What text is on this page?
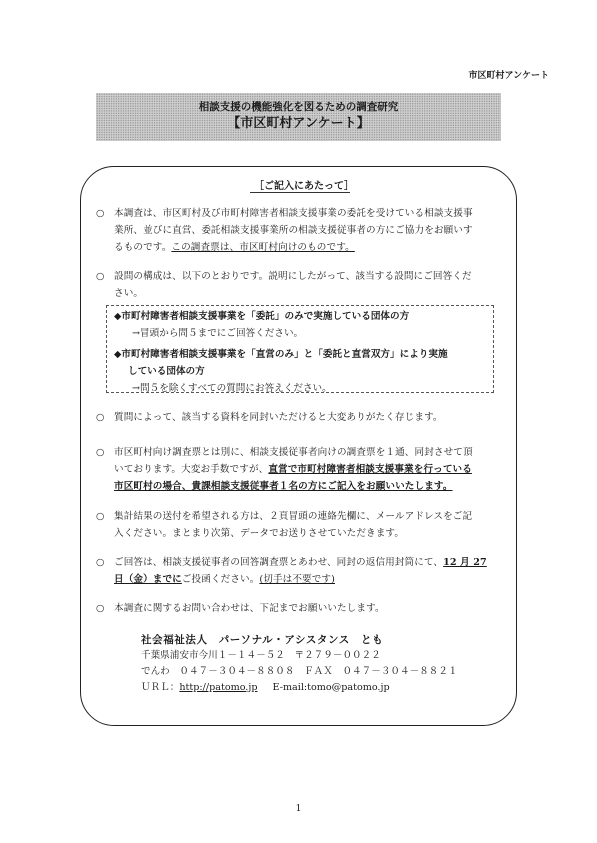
市区町村アンケート
相談支援の機能強化を図るための調査研究
【市区町村アンケート】
［ご記入にあたって］
○ 本調査は、市区町村及び市町村障害者相談支援事業の委託を受けている相談支援事
業所、並びに直営、委託相談支援事業所の相談支援従事者の方にご協力をお願いす
るものです。この調査票は、市区町村向けのものです。
○ 設問の構成は、以下のとおりです。説明にしたがって、該当する設問にご回答くだ
さい。
◆市町村障害者相談支援事業を「委託」のみで実施している団体の方
→冒頭から問５までにご回答ください。
◆市町村障害者相談支援事業を「直営のみ」と「委託と直営双方」により実施
している団体の方
→問５を除くすべての質問にお答えください。
○ 質問によって、該当する資料を同封いただけると大変ありがたく存じます。
○ 市区町村向け調査票とは別に、相談支援従事者向けの調査票を１通、同封させて頂
いております。大変お手数ですが、直営で市町村障害者相談支援事業を行っている
市区町村の場合、貴課相談支援従事者１名の方にご記入をお願いいたします。
○ 集計結果の送付を希望される方は、２頁冒頭の連絡先欄に、メールアドレスをご記
入ください。まとまり次第、データでお送りさせていただきます。
○ ご回答は、相談支援従事者の回答調査票とあわせ、同封の返信用封筒にて、12 月 27
日（金）までにご投函ください。(切手は不要です)
○ 本調査に関するお問い合わせは、下記までお願いいたします。
社会福祉法人　パーソナル・アシスタンス　とも
千葉県浦安市今川１－１４－５２　〒２７９－００２２
でんわ　０４７－３０４－８８０８　ＦＡＸ　０４７－３０４－８８２１
ＵＲＬ：http://patomo.jp E-mail:tomo@patomo.jp
1
